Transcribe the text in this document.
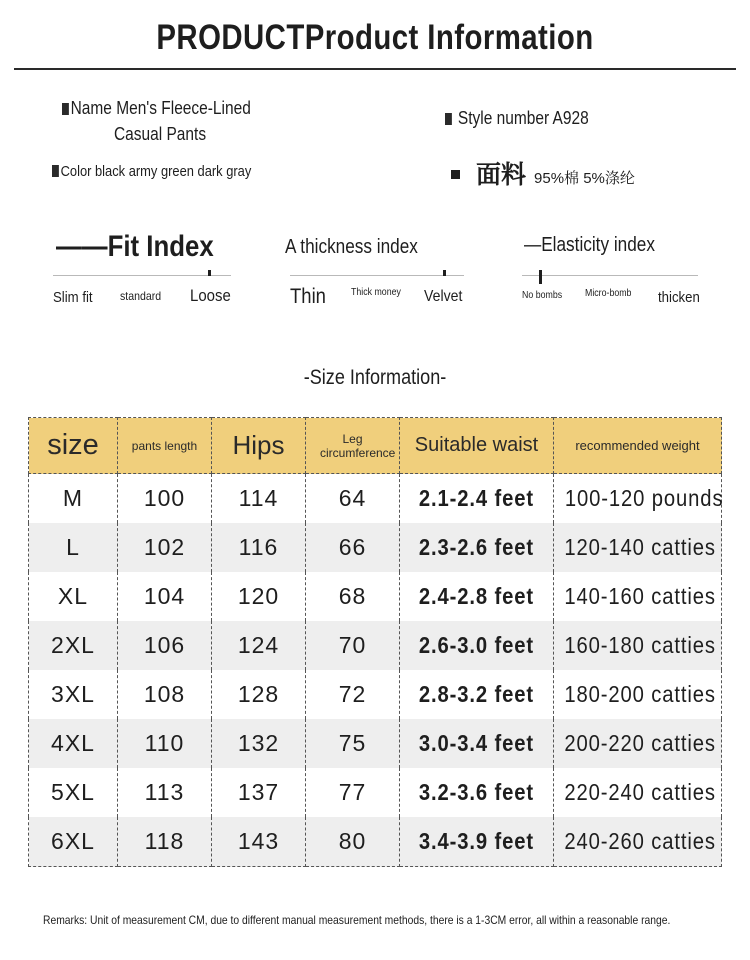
PRODUCTProduct Information
Name Men's Fleece-Lined
Casual Pants
Color black army green dark gray
Style number A928
面料 95%棉 5%涤纶
——Fit Index
Slim fit standard Loose
A thickness index
Thin	Thick money Velvet
—Elasticity index
No bombs Micro-bomb thicken
-Size Information-
size	pants length	Hips	Leg circumference	Suitable waist	recommended weight
M	100	114	64	2.1-2.4 feet	100-120 pounds
L	102	116	66	2.3-2.6 feet	120-140 catties
XL	104	120	68	2.4-2.8 feet	140-160 catties
2XL	106	124	70	2.6-3.0 feet	160-180 catties
3XL	108	128	72	2.8-3.2 feet	180-200 catties
4XL	110	132	75	3.0-3.4 feet	200-220 catties
5XL	113	137	77	3.2-3.6 feet	220-240 catties
6XL	118	143	80	3.4-3.9 feet	240-260 catties
Remarks: Unit of measurement CM, due to different manual measurement methods, there is a 1-3CM error, all within a reasonable range.
